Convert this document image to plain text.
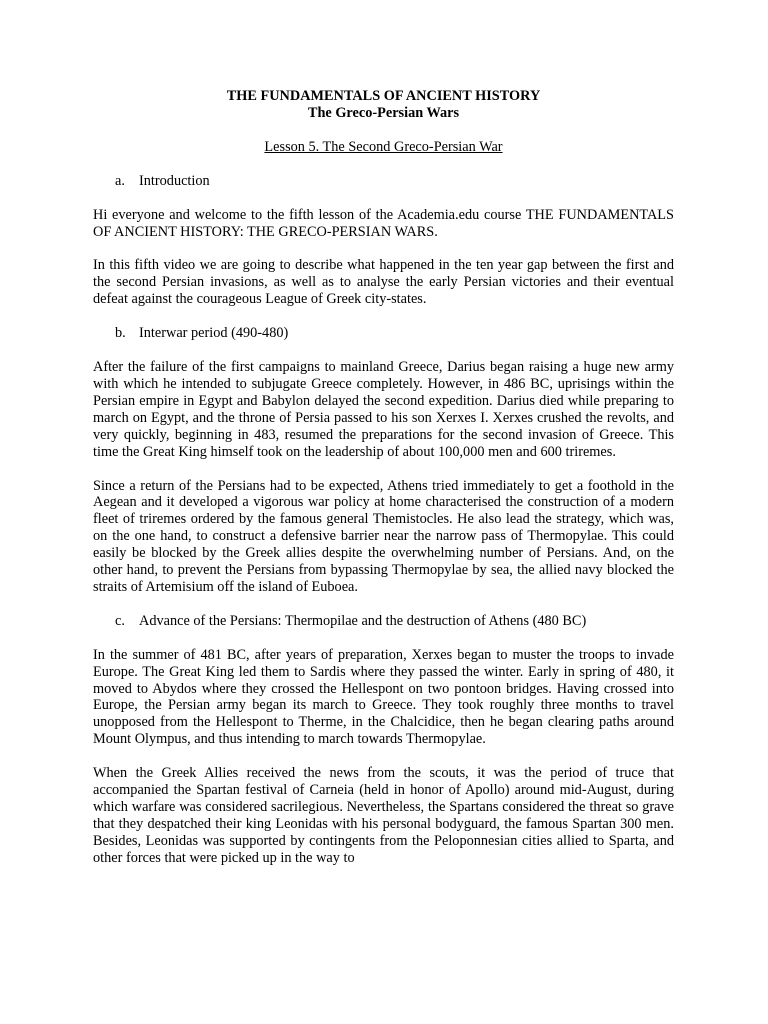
THE FUNDAMENTALS OF ANCIENT HISTORY
The Greco-Persian Wars
Lesson 5. The Second Greco-Persian War
a. Introduction

Hi everyone and welcome to the fifth lesson of the Academia.edu course THE FUNDAMENTALS OF ANCIENT HISTORY: THE GRECO-PERSIAN WARS.

In this fifth video we are going to describe what happened in the ten year gap between the first and the second Persian invasions, as well as to analyse the early Persian victories and their eventual defeat against the courageous League of Greek city-states.

b. Interwar period (490-480)

After the failure of the first campaigns to mainland Greece, Darius began raising a huge new army with which he intended to subjugate Greece completely. However, in 486 BC, uprisings within the Persian empire in Egypt and Babylon delayed the second expedition. Darius died while preparing to march on Egypt, and the throne of Persia passed to his son Xerxes I. Xerxes crushed the revolts, and very quickly, beginning in 483, resumed the preparations for the second invasion of Greece. This time the Great King himself took on the leadership of about 100,000 men and 600 triremes.

Since a return of the Persians had to be expected, Athens tried immediately to get a foothold in the Aegean and it developed a vigorous war policy at home characterised the construction of a modern fleet of triremes ordered by the famous general Themistocles. He also lead the strategy, which was, on the one hand, to construct a defensive barrier near the narrow pass of Thermopylae. This could easily be blocked by the Greek allies despite the overwhelming number of Persians. And, on the other hand, to prevent the Persians from bypassing Thermopylae by sea, the allied navy blocked the straits of Artemisium off the island of Euboea.

c. Advance of the Persians: Thermopilae and the destruction of Athens (480 BC)

In the summer of 481 BC, after years of preparation, Xerxes began to muster the troops to invade Europe. The Great King led them to Sardis where they passed the winter. Early in spring of 480, it moved to Abydos where they crossed the Hellespont on two pontoon bridges. Having crossed into Europe, the Persian army began its march to Greece. They took roughly three months to travel unopposed from the Hellespont to Therme, in the Chalcidice, then he began clearing paths around Mount Olympus, and thus intending to march towards Thermopylae.

When the Greek Allies received the news from the scouts, it was the period of truce that accompanied the Spartan festival of Carneia (held in honor of Apollo) around mid-August, during which warfare was considered sacrilegious. Nevertheless, the Spartans considered the threat so grave that they despatched their king Leonidas with his personal bodyguard, the famous Spartan 300 men. Besides, Leonidas was supported by contingents from the Peloponnesian cities allied to Sparta, and other forces that were picked up in the way to
